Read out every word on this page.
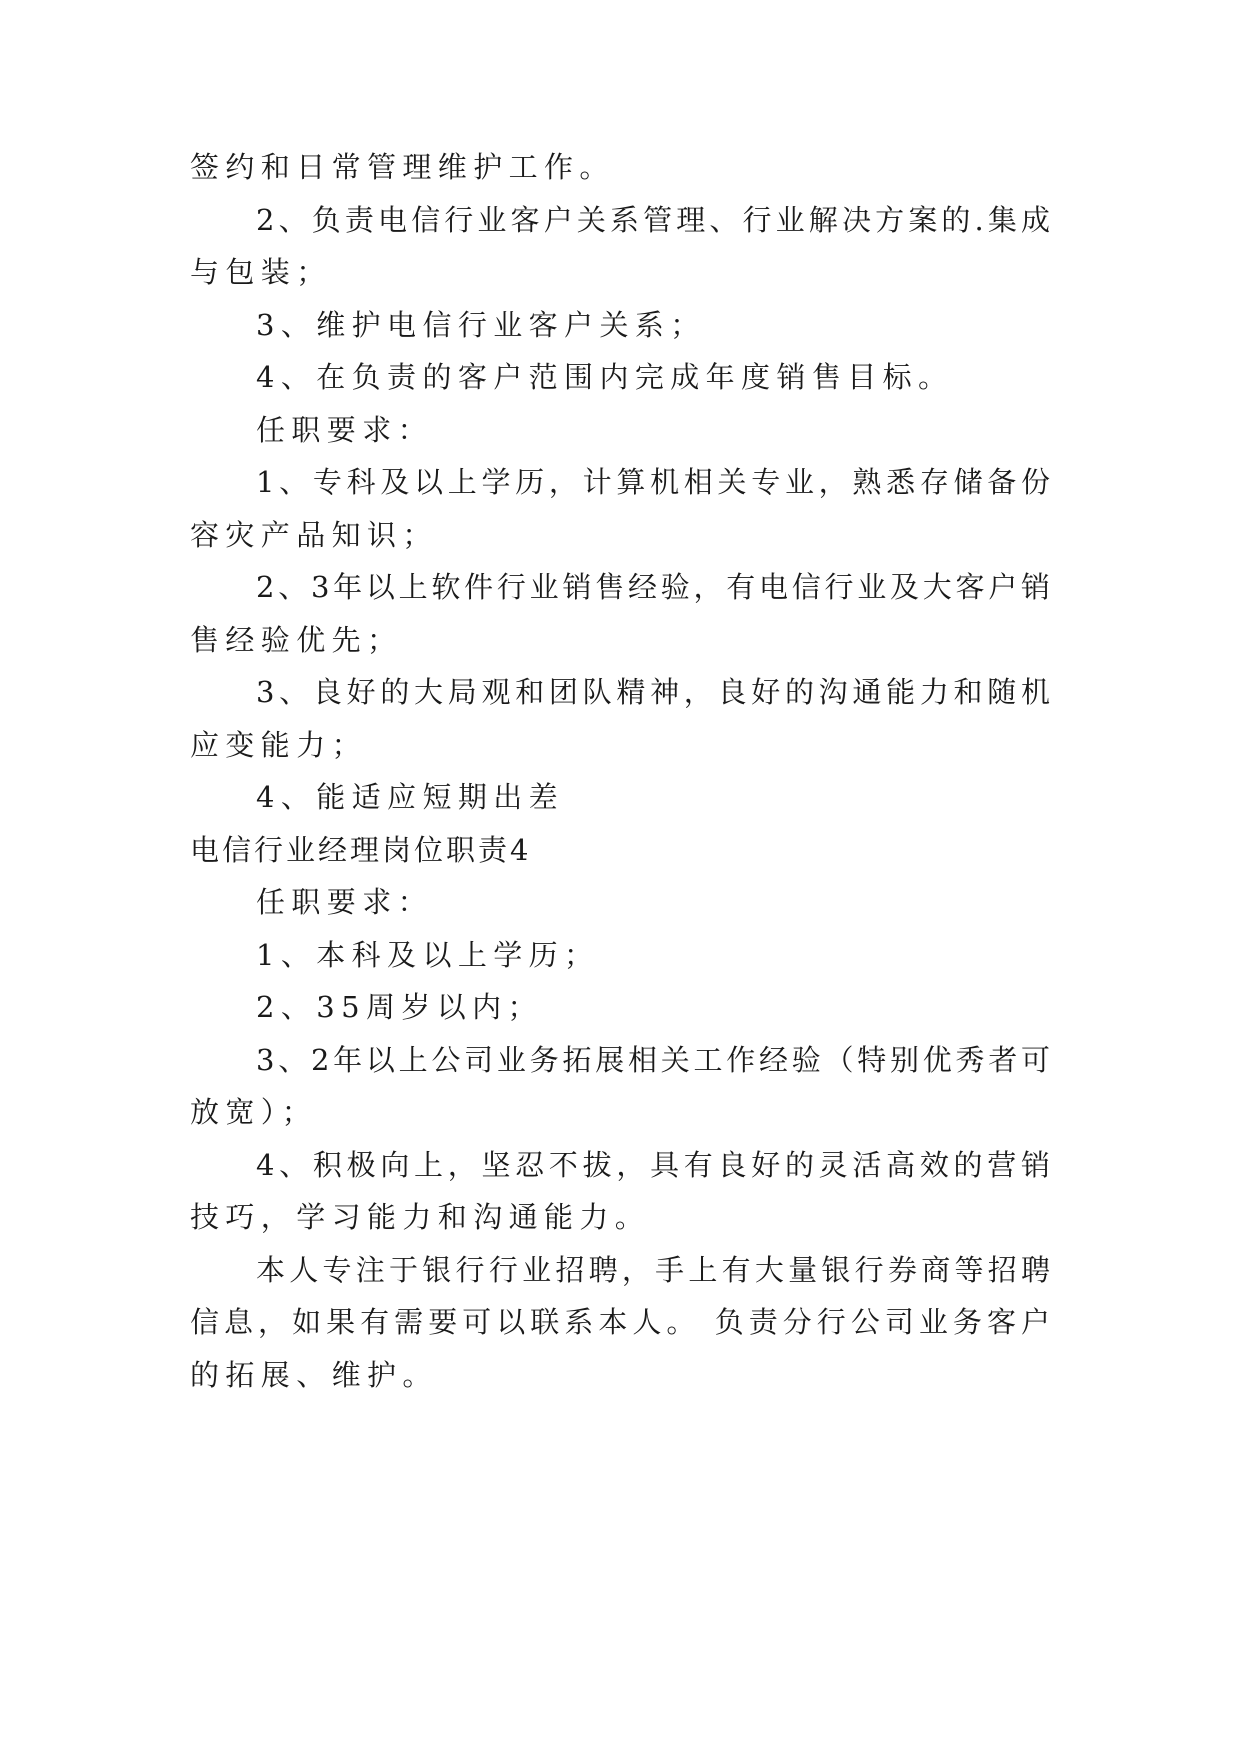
签约和日常管理维护工作。
2、负责电信行业客户关系管理、行业解决方案的.集成
与包装；
3、维护电信行业客户关系；
4、在负责的客户范围内完成年度销售目标。
任职要求：
1、专科及以上学历，计算机相关专业，熟悉存储备份
容灾产品知识；
2、3年以上软件行业销售经验，有电信行业及大客户销
售经验优先；
3、良好的大局观和团队精神，良好的沟通能力和随机
应变能力；
4、能适应短期出差
电信行业经理岗位职责4
任职要求：
1、本科及以上学历；
2、35周岁以内；
3、2年以上公司业务拓展相关工作经验（特别优秀者可
放宽）；
4、积极向上，坚忍不拔，具有良好的灵活高效的营销
技巧，学习能力和沟通能力。
本人专注于银行行业招聘，手上有大量银行券商等招聘
信息，如果有需要可以联系本人。 负责分行公司业务客户
的拓展、维护。
